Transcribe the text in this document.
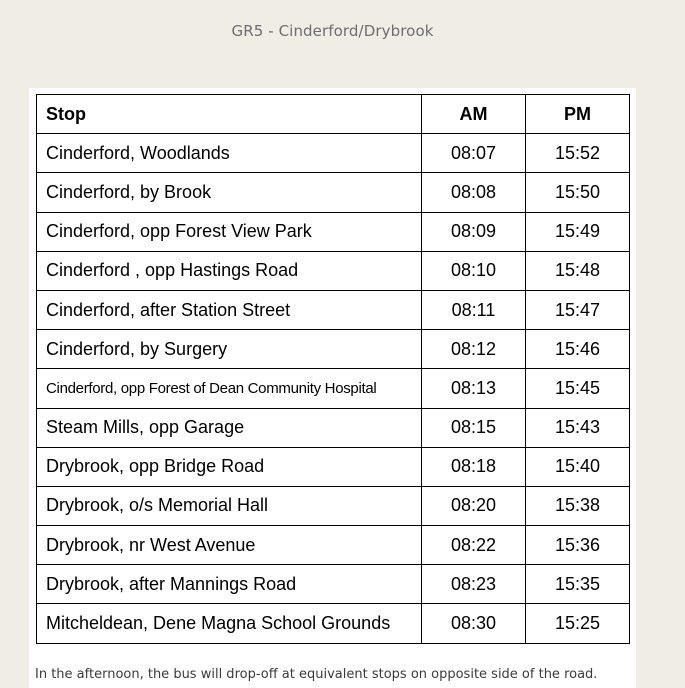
GR5 - Cinderford/Drybrook
Stop	AM	PM
Cinderford, Woodlands	08:07	15:52
Cinderford, by Brook	08:08	15:50
Cinderford, opp Forest View Park	08:09	15:49
Cinderford , opp Hastings Road	08:10	15:48
Cinderford, after Station Street	08:11	15:47
Cinderford, by Surgery	08:12	15:46
Cinderford, opp Forest of Dean Community Hospital	08:13	15:45
Steam Mills, opp Garage	08:15	15:43
Drybrook, opp Bridge Road	08:18	15:40
Drybrook, o/s Memorial Hall	08:20	15:38
Drybrook, nr West Avenue	08:22	15:36
Drybrook, after Mannings Road	08:23	15:35
Mitcheldean, Dene Magna School Grounds	08:30	15:25
In the afternoon, the bus will drop-off at equivalent stops on opposite side of the road.
